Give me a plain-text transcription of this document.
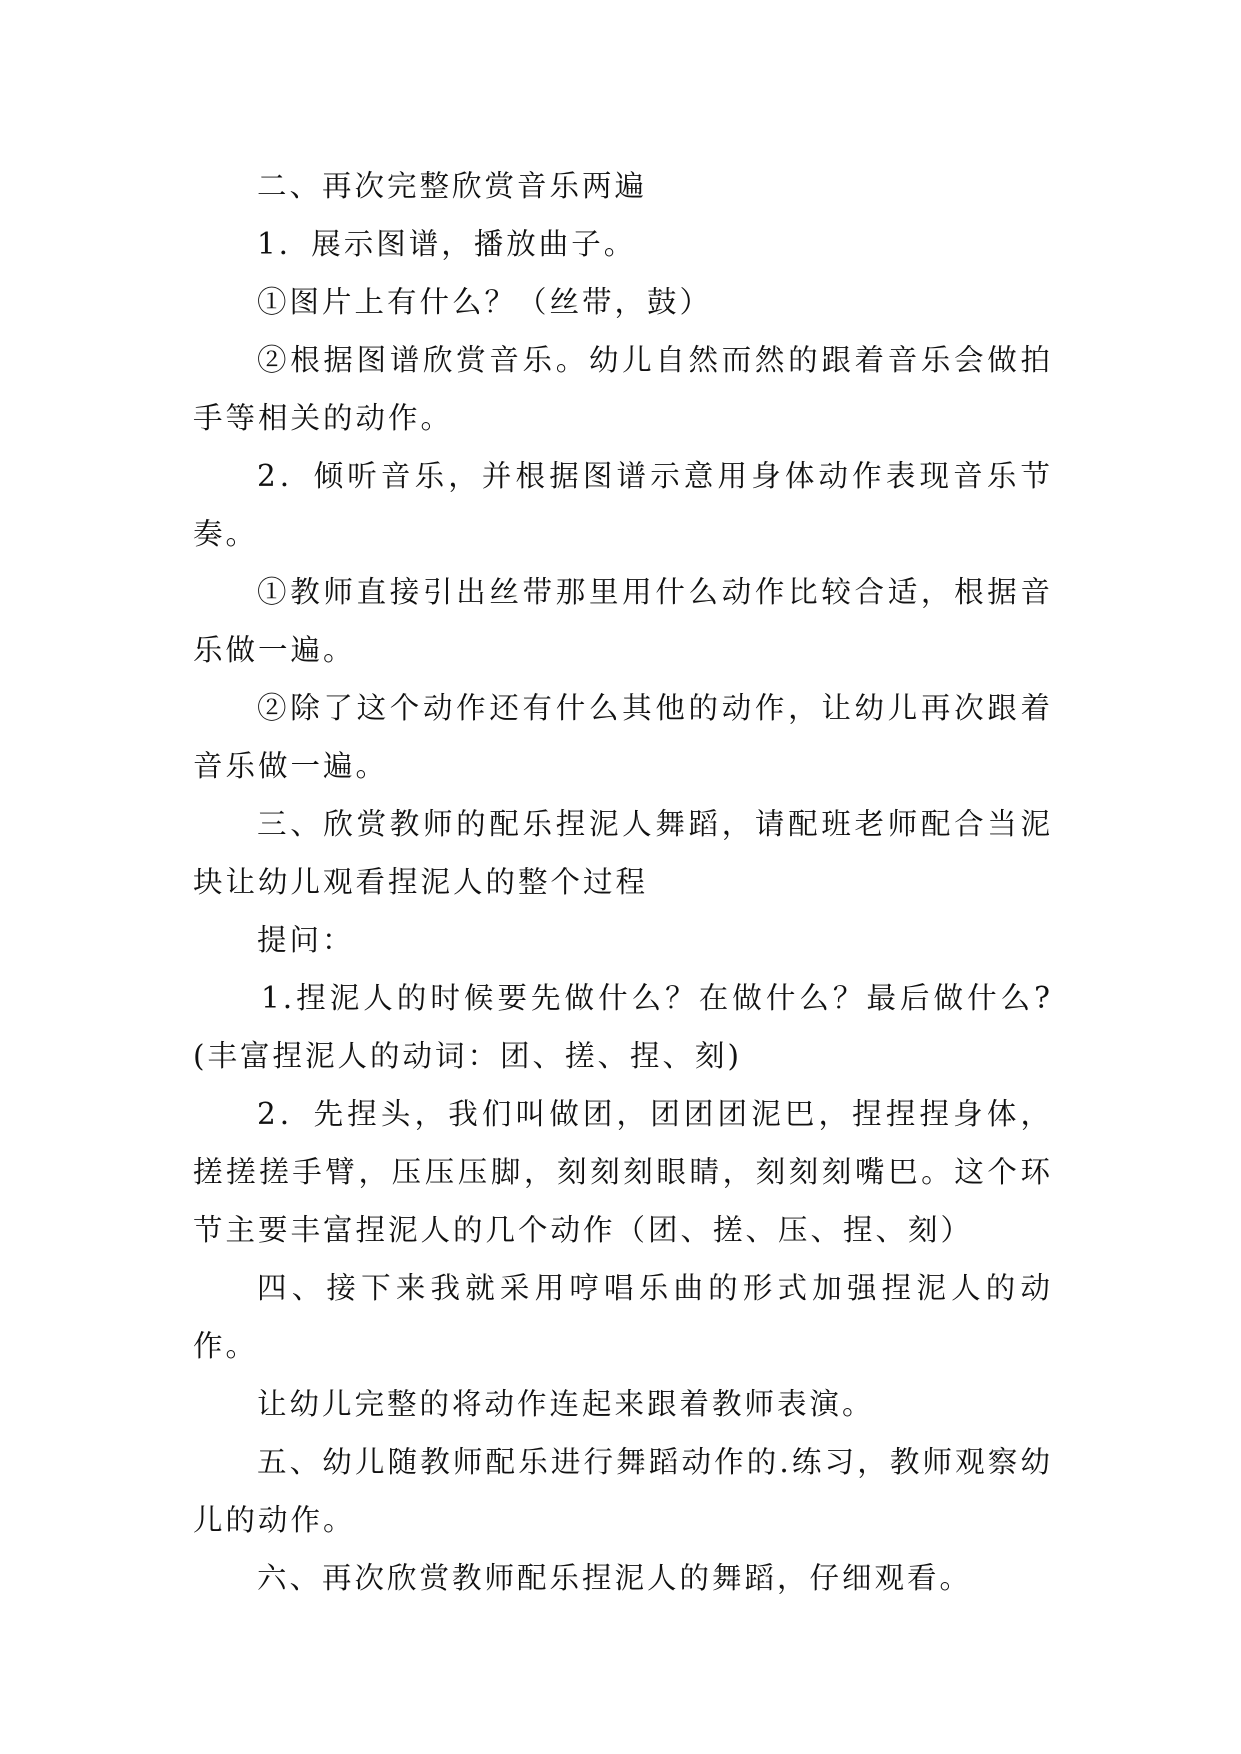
二、再次完整欣赏音乐两遍

1．展示图谱，播放曲子。

①图片上有什么？（丝带，鼓）

②根据图谱欣赏音乐。幼儿自然而然的跟着音乐会做拍手等相关的动作。

2．倾听音乐，并根据图谱示意用身体动作表现音乐节奏。

①教师直接引出丝带那里用什么动作比较合适，根据音乐做一遍。

②除了这个动作还有什么其他的动作，让幼儿再次跟着音乐做一遍。

三、欣赏教师的配乐捏泥人舞蹈，请配班老师配合当泥块让幼儿观看捏泥人的整个过程

提问：

1.捏泥人的时候要先做什么？在做什么？最后做什么?(丰富捏泥人的动词：团、搓、捏、刻)

2．先捏头，我们叫做团，团团团泥巴，捏捏捏身体，搓搓搓手臂，压压压脚，刻刻刻眼睛，刻刻刻嘴巴。这个环节主要丰富捏泥人的几个动作（团、搓、压、捏、刻）

四、接下来我就采用哼唱乐曲的形式加强捏泥人的动作。

让幼儿完整的将动作连起来跟着教师表演。

五、幼儿随教师配乐进行舞蹈动作的.练习，教师观察幼儿的动作。

六、再次欣赏教师配乐捏泥人的舞蹈，仔细观看。
